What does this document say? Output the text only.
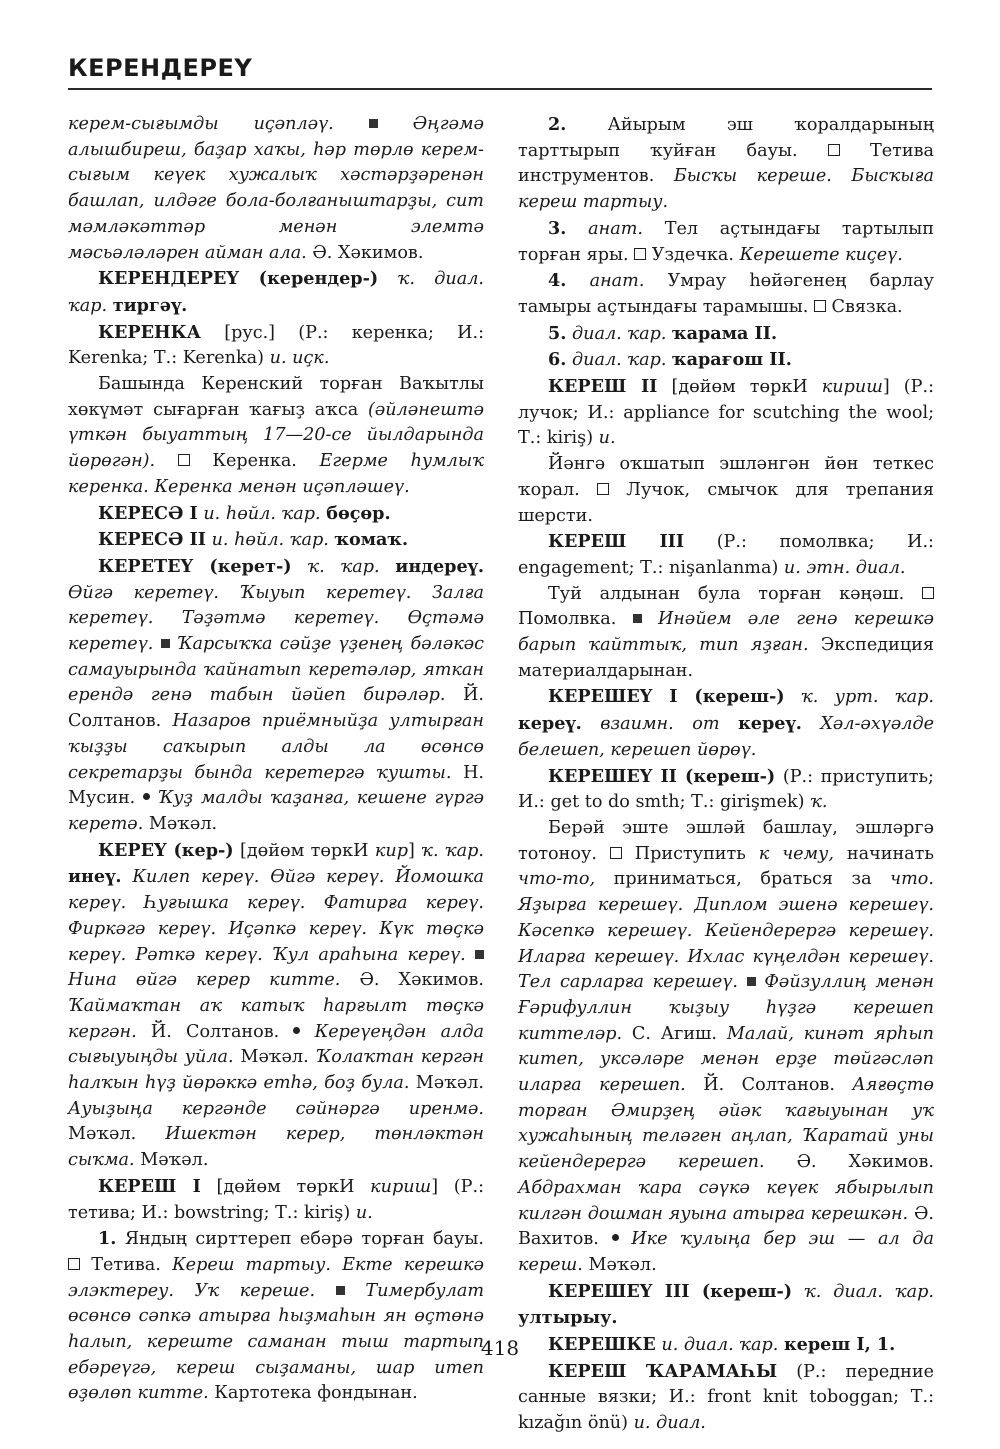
КЕРЕНДЕРЕҮ

керем-сығымды иҫәпләү.	Әңгәмә алышбиреш, баҙар хаҡы, һәр төрлө керем-сығым кеүек хужалыҡ хәстәрҙәренән башлап, илдәге бола-болғаныштарҙы, сит мәмләкәттәр менән элемтә мәсьәләләрен айман ала. Ә. Хәкимов.

КЕРЕНДЕРЕҮ (керендер-) ҡ. диал. ҡар. тиргәү.

КЕРЕНКА [рус.] (Р.: керенка; И.: Kerenka; Т.: Kerenka) и. иҫк.

Башында Керенский торған Ваҡытлы хөкүмәт сығарған ҡағыҙ аҡса (әйләнештә үткән быуаттың 17—20-се йылдарында йөрөгән).  Керенка. Егерме һумлыҡ керенка. Керенка менән иҫәпләшеү.

КЕРЕСӘ I и. һөйл. ҡар. бөҫөр.

КЕРЕСӘ II и. һөйл. ҡар. ҡомаҡ.

КЕРЕТЕҮ (керет-) ҡ. ҡар. индереү. Өйгә керетеү. Ҡыуып керетеү. Залға керетеү. Тәҙәтмә керетеү. Өҫтәмә керетеү. Ҡарсыҡҡа сәйҙе үҙенең бәләкәс самауырында ҡайнатып керетәләр, яткан ерендә генә табын йәйеп бирәләр. Й. Солтанов. Назаров приёмныйҙа ултырған ҡыҙҙы саҡырып алды ла өсөнсө секретарҙы бында керетергә ҡушты. Н. Мусин.  Ҡуҙ малды ҡаҙанға, кешене гүргә керетә. Мәҡәл.

КЕРЕҮ (кер-) [дөйөм төркИ кир] ҡ. ҡар. инеү. Килеп кереү. Өйгә кереү. Йомошка кереү. Һуғышка кереү. Фатирға кереү. Фиркәгә кереү. Иҫәпкә кереү. Күк төҫкә кереү. Рәткә кереү. Ҡул араһына кереү.  Нина өйгә керер китте. Ә. Хәкимов. Ҡаймаҡтан аҡ катыҡ һарғылт төҫкә кергән. Й. Солтанов.  Кереүеңдән алда сығыуыңды уйла. Мәҡәл. Ҡолаҡтан кергән һалҡын һүҙ йөрәккә етһә, боҙ була. Мәҡәл. Ауыҙыңа кергәнде сәйнәргә иренмә. Мәҡәл. Ишектән керер, төнләктән сыҡма. Мәҡәл.

КЕРЕШ I [дөйөм төркИ кириш] (Р.: тетива; И.: bowstring; Т.: kiriş) и.

1. Яндың сирттереп ебәрә торған бауы.  Тетива. Кереш тартыу. Екте керешкә элэктереу. Уҡ кереше.	Тимербулат өсөнсө сәпкә атырға һыҙмаһын ян өҫтөнә һалып, кереште саманан тыш тартып ебәреүгә, кереш сыҙаманы, шар итеп өҙөлөп китте. Картотека фондынан.

2. Айырым эш ҡоралдарының тарттырып ҡуйған бауы.  Тетива инструментов. Бысҡы кереше. Бысҡыға кереш тартыу.

3. анат. Тел аҫтындағы тартылып торған яры.  Уздечка. Керешeте киҫеү.

4. анат. Умрау һөйәгенең барлау тамыры аҫтындағы тарамышы.  Связка.

5. диал. ҡар. ҡарама II.

6. диал. ҡар. ҡарағош II.

КЕРЕШ II [дөйөм төркИ кириш] (Р.: лучок; И.: appliance for scutching the wool; Т.: kiriş) и.

Йәнгә оҡшатып эшләнгән йөн теткес ҡорал.  Лучок, смычок для трепания шерсти.

КЕРЕШ III (Р.: помолвка; И.: engagement; Т.: nişanlanma) и. этн. диал.

Туй алдынан була торған кәңәш.  Помолвка.  Инәйем әле генә керешкә барып ҡайттыҡ, тип яҙған. Экспедиция материалдарынан.

КЕРЕШЕҮ I (кереш-) ҡ. урт. ҡар. кереү. взаимн. от кереү. Хәл-әхүәлде белешеп, керешеп йөрөү.

КЕРЕШЕҮ II (кереш-) (Р.: приступить; И.: get to do smth; Т.: girişmek) ҡ.

Берәй эште эшләй башлау, эшләргә тотоноу.  Приступить к чему, начинать что-то, приниматься, браться за что. Яҙырға керешеү. Диплом эшенә керешеү. Кәсепкә керешеү. Кейендерергә керешеү. Иларға керешеү. Ихлас күңелдән керешеү. Тел сарларға керешеү. Фәйзуллиң менән Ғәрифуллин ҡыҙыу һүҙгә керешеп киттеләр. С. Агиш. Малай, кинәт ярһып китеп, уксәләре менән ерҙе төйгәсләп иларға керешеп. Й. Солтанов. Аяғөҫтө торған Әмирҙең әйәк ҡағыуынан уҡ хужаһының теләген аңлап, Ҡаратай уны кейендерергә керешеп. Ә. Хәкимов. Абдрахман ҡара сәүкә кеүек ябырылып килгән дошман яуына атырға керешкән. Ә. Вахитов.  Ике ҡулыңа бер эш — ал да кереш. Мәҡәл.

КЕРЕШЕҮ III (кереш-) ҡ. диал. ҡар. ултырыу.

КЕРЕШКЕ и. диал. ҡар. кереш I, 1.

КЕРЕШ ҠАРАМАҺЫ (Р.: передние санные вязки; И.: front knit toboggan; Т.: kızağın önü) и. диал.

418
